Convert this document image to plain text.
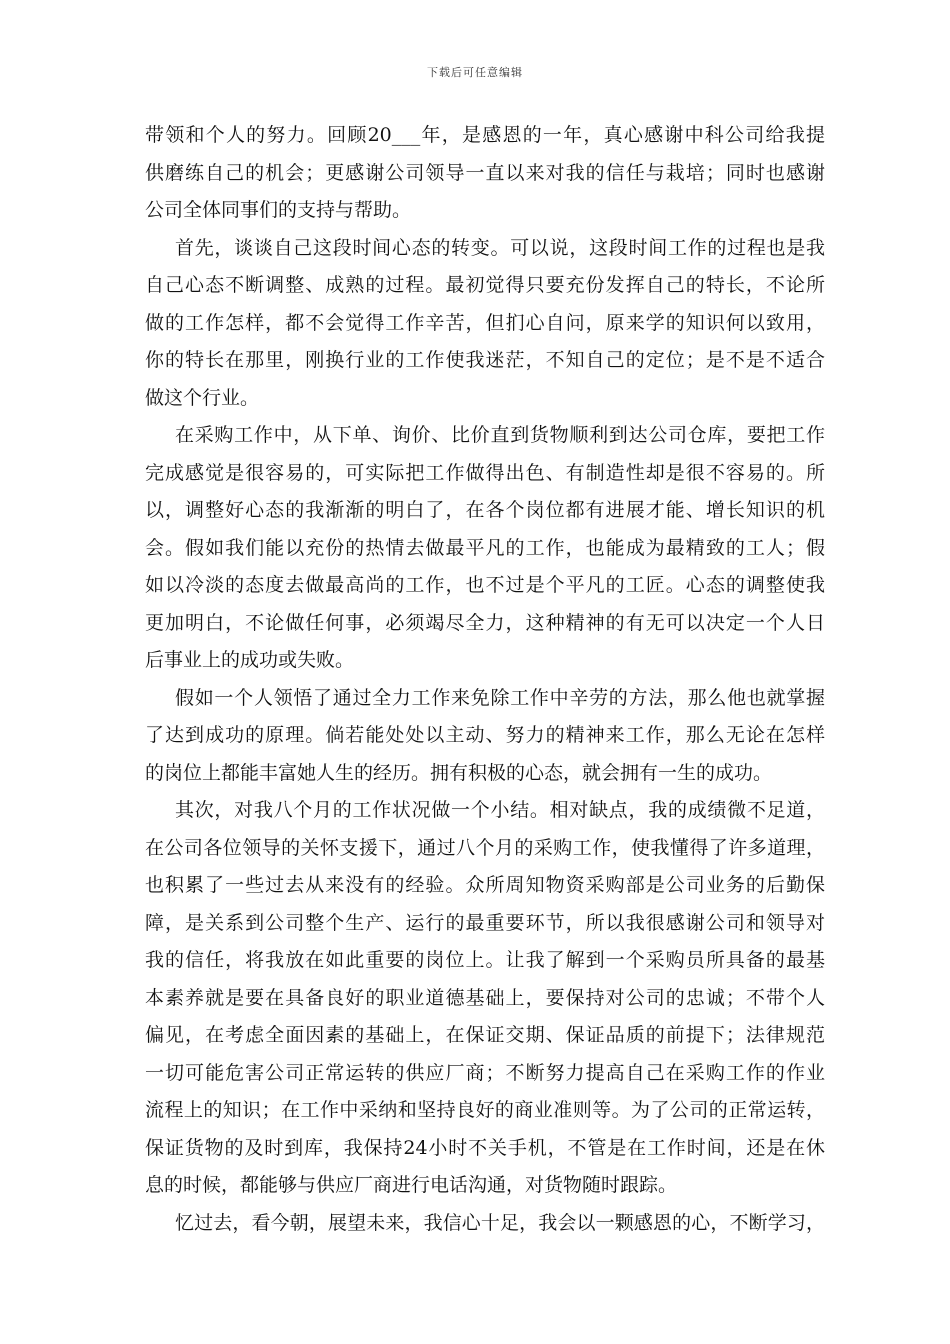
下载后可任意编辑
带领和个人的努力。回顾20___年，是感恩的一年，真心感谢中科公司给我提
供磨练自己的机会；更感谢公司领导一直以来对我的信任与栽培；同时也感谢
公司全体同事们的支持与帮助。
首先，谈谈自己这段时间心态的转变。可以说，这段时间工作的过程也是我
自己心态不断调整、成熟的过程。最初觉得只要充份发挥自己的特长，不论所
做的工作怎样，都不会觉得工作辛苦，但扪心自问，原来学的知识何以致用，
你的特长在那里，刚换行业的工作使我迷茫，不知自己的定位；是不是不适合
做这个行业。
在采购工作中，从下单、询价、比价直到货物顺利到达公司仓库，要把工作
完成感觉是很容易的，可实际把工作做得出色、有制造性却是很不容易的。所
以，调整好心态的我渐渐的明白了，在各个岗位都有进展才能、增长知识的机
会。假如我们能以充份的热情去做最平凡的工作，也能成为最精致的工人；假
如以冷淡的态度去做最高尚的工作，也不过是个平凡的工匠。心态的调整使我
更加明白，不论做任何事，必须竭尽全力，这种精神的有无可以决定一个人日
后事业上的成功或失败。
假如一个人领悟了通过全力工作来免除工作中辛劳的方法，那么他也就掌握
了达到成功的原理。倘若能处处以主动、努力的精神来工作，那么无论在怎样
的岗位上都能丰富她人生的经历。拥有积极的心态，就会拥有一生的成功。
其次，对我八个月的工作状况做一个小结。相对缺点，我的成绩微不足道，
在公司各位领导的关怀支援下，通过八个月的采购工作，使我懂得了许多道理，
也积累了一些过去从来没有的经验。众所周知物资采购部是公司业务的后勤保
障，是关系到公司整个生产、运行的最重要环节，所以我很感谢公司和领导对
我的信任，将我放在如此重要的岗位上。让我了解到一个采购员所具备的最基
本素养就是要在具备良好的职业道德基础上，要保持对公司的忠诚；不带个人
偏见，在考虑全面因素的基础上，在保证交期、保证品质的前提下；法律规范
一切可能危害公司正常运转的供应厂商；不断努力提高自己在采购工作的作业
流程上的知识；在工作中采纳和坚持良好的商业准则等。为了公司的正常运转，
保证货物的及时到库，我保持24小时不关手机，不管是在工作时间，还是在休
息的时候，都能够与供应厂商进行电话沟通，对货物随时跟踪。
忆过去，看今朝，展望未来，我信心十足，我会以一颗感恩的心，不断学习，
